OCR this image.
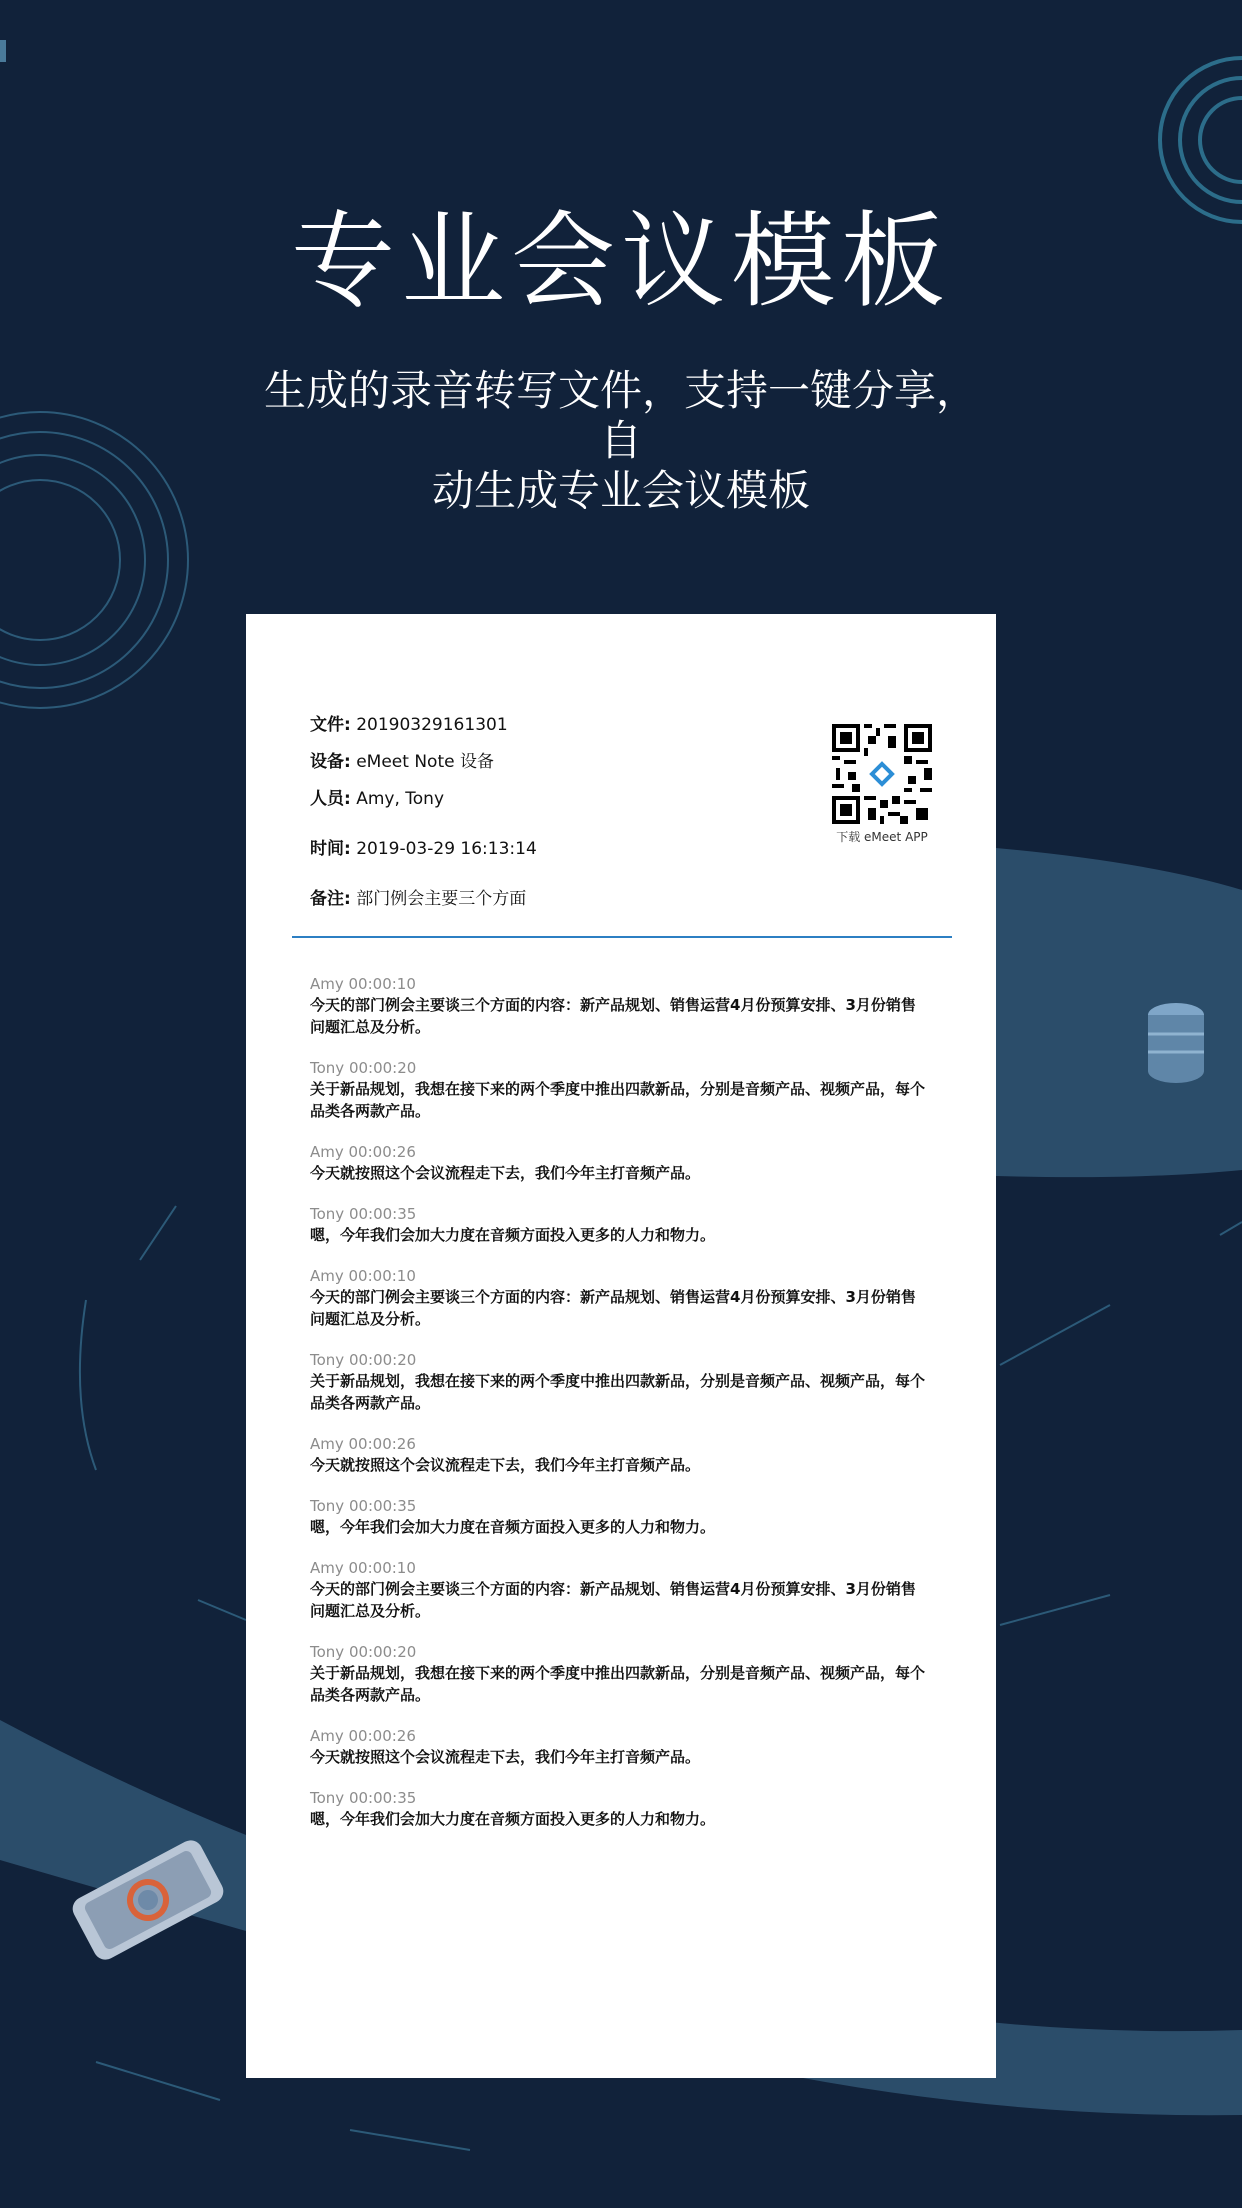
专业会议模板
生成的录音转写文件，支持一键分享，自
动生成专业会议模板
文件: 20190329161301
设备: eMeet Note 设备
人员: Amy, Tony
时间: 2019-03-29 16:13:14
备注: 部门例会主要三个方面
下载 eMeet APP
Amy 00:00:10
今天的部门例会主要谈三个方面的内容：新产品规划、销售运营4月份预算安排、3月份销售问题汇总及分析。
Tony 00:00:20
关于新品规划，我想在接下来的两个季度中推出四款新品，分别是音频产品、视频产品，每个品类各两款产品。
Amy 00:00:26
今天就按照这个会议流程走下去，我们今年主打音频产品。
Tony 00:00:35
嗯，今年我们会加大力度在音频方面投入更多的人力和物力。
Amy 00:00:10
今天的部门例会主要谈三个方面的内容：新产品规划、销售运营4月份预算安排、3月份销售问题汇总及分析。
Tony 00:00:20
关于新品规划，我想在接下来的两个季度中推出四款新品，分别是音频产品、视频产品，每个品类各两款产品。
Amy 00:00:26
今天就按照这个会议流程走下去，我们今年主打音频产品。
Tony 00:00:35
嗯，今年我们会加大力度在音频方面投入更多的人力和物力。
Amy 00:00:10
今天的部门例会主要谈三个方面的内容：新产品规划、销售运营4月份预算安排、3月份销售问题汇总及分析。
Tony 00:00:20
关于新品规划，我想在接下来的两个季度中推出四款新品，分别是音频产品、视频产品，每个品类各两款产品。
Amy 00:00:26
今天就按照这个会议流程走下去，我们今年主打音频产品。
Tony 00:00:35
嗯，今年我们会加大力度在音频方面投入更多的人力和物力。
